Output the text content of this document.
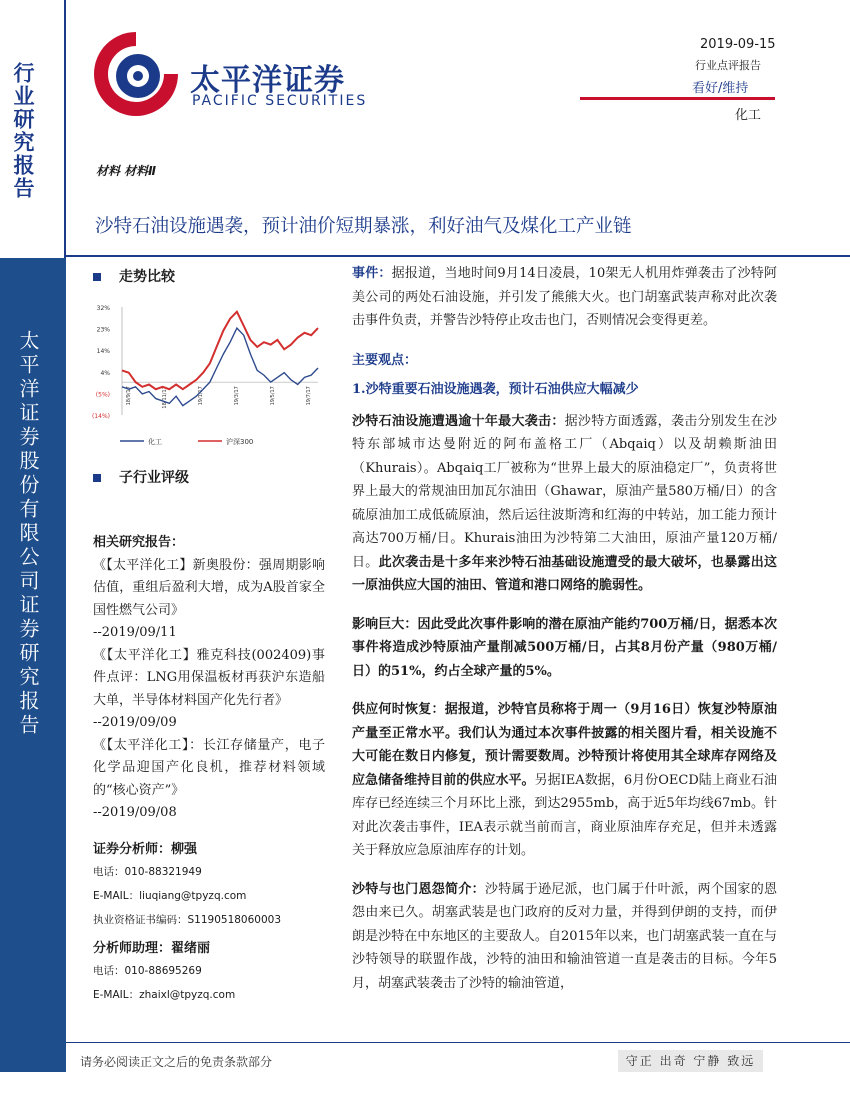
行业研究报告
太平洋证券股份有限公司证券研究报告
太平洋证券
PACIFIC SECURITIES
2019-09-15
行业点评报告
看好/维持
化工
材料 材料Ⅱ
沙特石油设施遇袭，预计油价短期暴涨，利好油气及煤化工产业链
走势比较
32%
23%
14%
4%
(5%)
(14%)
18/9/17	18/11/17	19/1/17	19/3/17	19/5/17	19/7/17
化工	沪深300
子行业评级
相关研究报告：
《【太平洋化工】新奥股份：强周期影响估值，重组后盈利大增，成为A股首家全国性燃气公司》
--2019/09/11
《【太平洋化工】雅克科技(002409)事件点评：LNG用保温板材再获沪东造船大单，半导体材料国产化先行者》
--2019/09/09
《【太平洋化工】：长江存储量产，电子化学品迎国产化良机，推荐材料领域的“核心资产”》
--2019/09/08
证券分析师：柳强
电话：010-88321949
E-MAIL：liuqiang@tpyzq.com
执业资格证书编码：S1190518060003
分析师助理：翟绪丽
电话：010-88695269
E-MAIL：zhaixl@tpyzq.com
事件：据报道，当地时间9月14日凌晨，10架无人机用炸弹袭击了沙特阿美公司的两处石油设施，并引发了熊熊大火。也门胡塞武装声称对此次袭击事件负责，并警告沙特停止攻击也门，否则情况会变得更差。
主要观点：
1.沙特重要石油设施遇袭，预计石油供应大幅减少
沙特石油设施遭遇逾十年最大袭击：据沙特方面透露，袭击分别发生在沙特东部城市达曼附近的阿布盖格工厂（Abqaiq）以及胡赖斯油田（Khurais）。Abqaiq工厂被称为“世界上最大的原油稳定厂”，负责将世界上最大的常规油田加瓦尔油田（Ghawar，原油产量580万桶/日）的含硫原油加工成低硫原油，然后运往波斯湾和红海的中转站，加工能力预计高达700万桶/日。Khurais油田为沙特第二大油田，原油产量120万桶/日。此次袭击是十多年来沙特石油基础设施遭受的最大破坏，也暴露出这一原油供应大国的油田、管道和港口网络的脆弱性。
影响巨大：因此受此次事件影响的潜在原油产能约700万桶/日，据悉本次事件将造成沙特原油产量削减500万桶/日，占其8月份产量（980万桶/日）的51%，约占全球产量的5%。
供应何时恢复：据报道，沙特官员称将于周一（9月16日）恢复沙特原油产量至正常水平。我们认为通过本次事件披露的相关图片看，相关设施不大可能在数日内修复，预计需要数周。沙特预计将使用其全球库存网络及应急储备维持目前的供应水平。另据IEA数据，6月份OECD陆上商业石油库存已经连续三个月环比上涨，到达2955mb，高于近5年均线67mb。针对此次袭击事件，IEA表示就当前而言，商业原油库存充足，但并未透露关于释放应急原油库存的计划。
沙特与也门恩怨简介：沙特属于逊尼派，也门属于什叶派，两个国家的恩怨由来已久。胡塞武装是也门政府的反对力量，并得到伊朗的支持，而伊朗是沙特在中东地区的主要敌人。自2015年以来，也门胡塞武装一直在与沙特领导的联盟作战，沙特的油田和输油管道一直是袭击的目标。今年5月，胡塞武装袭击了沙特的输油管道，
请务必阅读正文之后的免责条款部分	守正 出奇 宁静 致远
